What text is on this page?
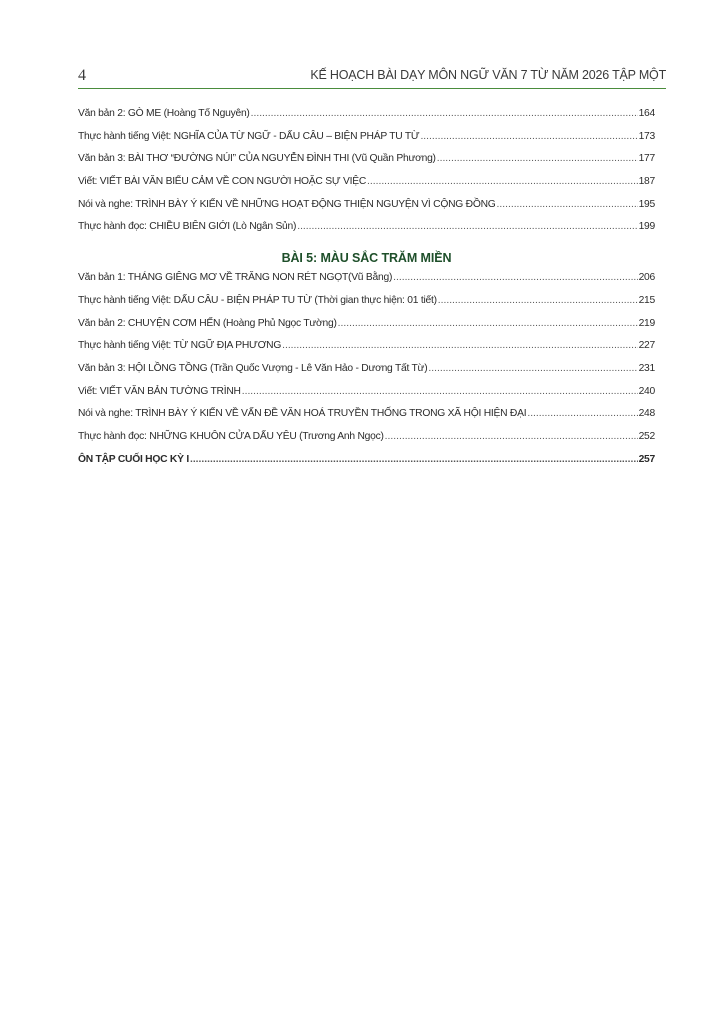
4	KẾ HOẠCH BÀI DẠY MÔN NGỮ VĂN 7 TỪ NĂM 2026 TẬP MỘT
Văn bản 2: GÒ ME (Hoàng Tố Nguyên) .....	164
Thực hành tiếng Việt: NGHĨA CỦA TỪ NGỮ - DẤU CÂU – BIỆN PHÁP TU TỪ .....	173
Văn bản 3: BÀI THƠ “ĐƯỜNG NÚI” CỦA NGUYỄN ĐÌNH THI (Vũ Quần Phương) .....	177
Viết: VIẾT BÀI VĂN BIỂU CẢM VỀ CON NGƯỜI HOẶC SỰ VIỆC .....	187
Nói và nghe: TRÌNH BÀY Ý KIẾN VỀ NHỮNG HOẠT ĐỘNG THIỆN NGUYỆN VÌ CỘNG ĐỒNG .....	195
Thực hành đọc: CHIỀU BIÊN GIỚI (Lò Ngân Sủn) .....	199
BÀI 5: MÀU SẮC TRĂM MIỀN
Văn bản 1: THÁNG GIÊNG MƠ VỀ TRĂNG NON RÉT NGỌT(Vũ Bằng) .....	206
Thực hành tiếng Việt: DẤU CÂU - BIỆN PHÁP TU TỪ (Thời gian thực hiện: 01 tiết) .....	215
Văn bản 2: CHUYỆN CƠM HẾN (Hoàng Phủ Ngọc Tường) .....	219
Thực hành tiếng Việt: TỪ NGỮ ĐỊA PHƯƠNG .....	227
Văn bản 3: HỘI LỒNG TỒNG (Trần Quốc Vượng - Lê Văn Hảo - Dương Tất Từ) .....	231
Viết: VIẾT VĂN BẢN TƯỜNG TRÌNH .....	240
Nói và nghe: TRÌNH BÀY Ý KIẾN VỀ VẤN ĐỀ VĂN HOÁ TRUYỀN THỐNG TRONG XÃ HỘI HIỆN ĐẠI .....	248
Thực hành đọc: NHỮNG KHUÔN CỬA DẤU YÊU (Trương Anh Ngọc) .....	252
ÔN TẬP CUỐI HỌC KỲ I .....	257
